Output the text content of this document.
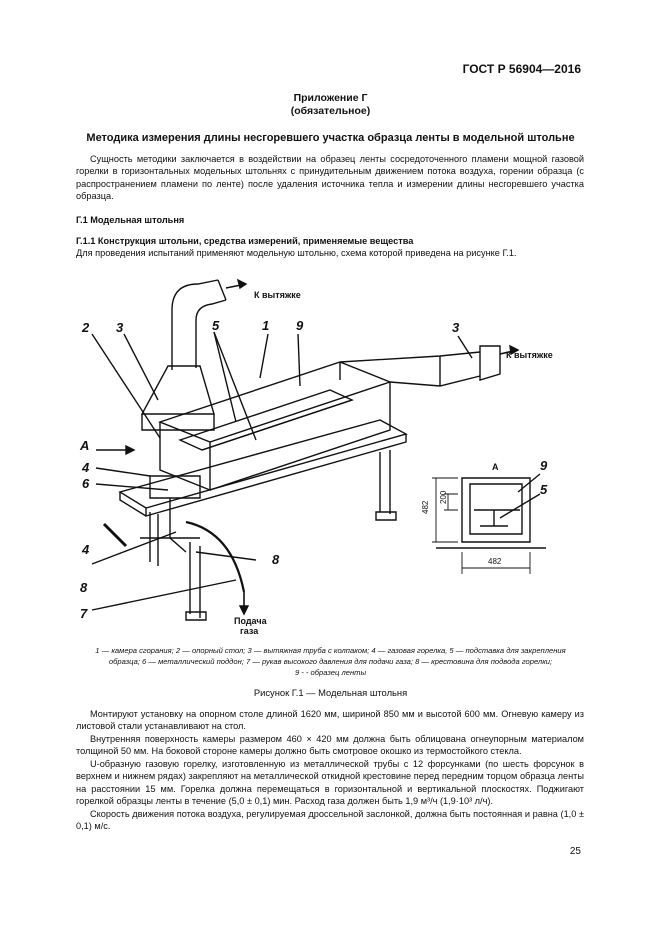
ГОСТ Р 56904—2016
Приложение Г
(обязательное)
Методика измерения длины несгоревшего участка образца ленты в модельной штольне
Сущность методики заключается в воздействии на образец ленты сосредоточенного пламени мощной газовой горелки в горизонтальных модельных штольнях с принудительным движением потока воздуха, горении образца (с распространением пламени по ленте) после удаления источника тепла и измерении длины несгоревшего участка образца.
Г.1 Модельная штольня
Г.1.1 Конструкция штольни, средства измерений, применяемые вещества
Для проведения испытаний применяют модельную штольню, схема которой приведена на рисунке Г.1.
К вытяжке
К вытяжке
Подача
газа
2 3	5	1 9	3
А
4
6
4
8
7
8
А	9
5
482
482
200
1 — камера сгорания; 2 — опорный стол; 3 — вытяжная труба с колпаком; 4 — газовая горелка, 5 — подставка для закрепления
образца; 6 — металлический поддон; 7 — рукав высокого давления для подачи газа; 8 — крестовина для подвода горелки;
9 - - образец ленты
Рисунок Г.1 — Модельная штольня
Монтируют установку на опорном столе длиной 1620 мм, шириной 850 мм и высотой 600 мм. Огневую камеру из листовой стали устанавливают на стол.
Внутренняя поверхность камеры размером 460 × 420 мм должна быть облицована огнеупорным материалом толщиной 50 мм. На боковой стороне камеры должно быть смотровое окошко из термостойкого стекла.
U-образную газовую горелку, изготовленную из металлической трубы с 12 форсунками (по шесть форсунок в верхнем и нижнем рядах) закрепляют на металлической откидной крестовине перед передним торцом образца ленты на расстоянии 15 мм. Горелка должна перемещаться в горизонтальной и вертикальной плоскостях. Поджигают горелкой образцы ленты в течение (5,0 ± 0,1) мин. Расход газа должен быть 1,9 м³/ч (1,9·10³ л/ч).
Скорость движения потока воздуха, регулируемая дроссельной заслонкой, должна быть постоянная и равна (1,0 ± 0,1) м/с.
25
